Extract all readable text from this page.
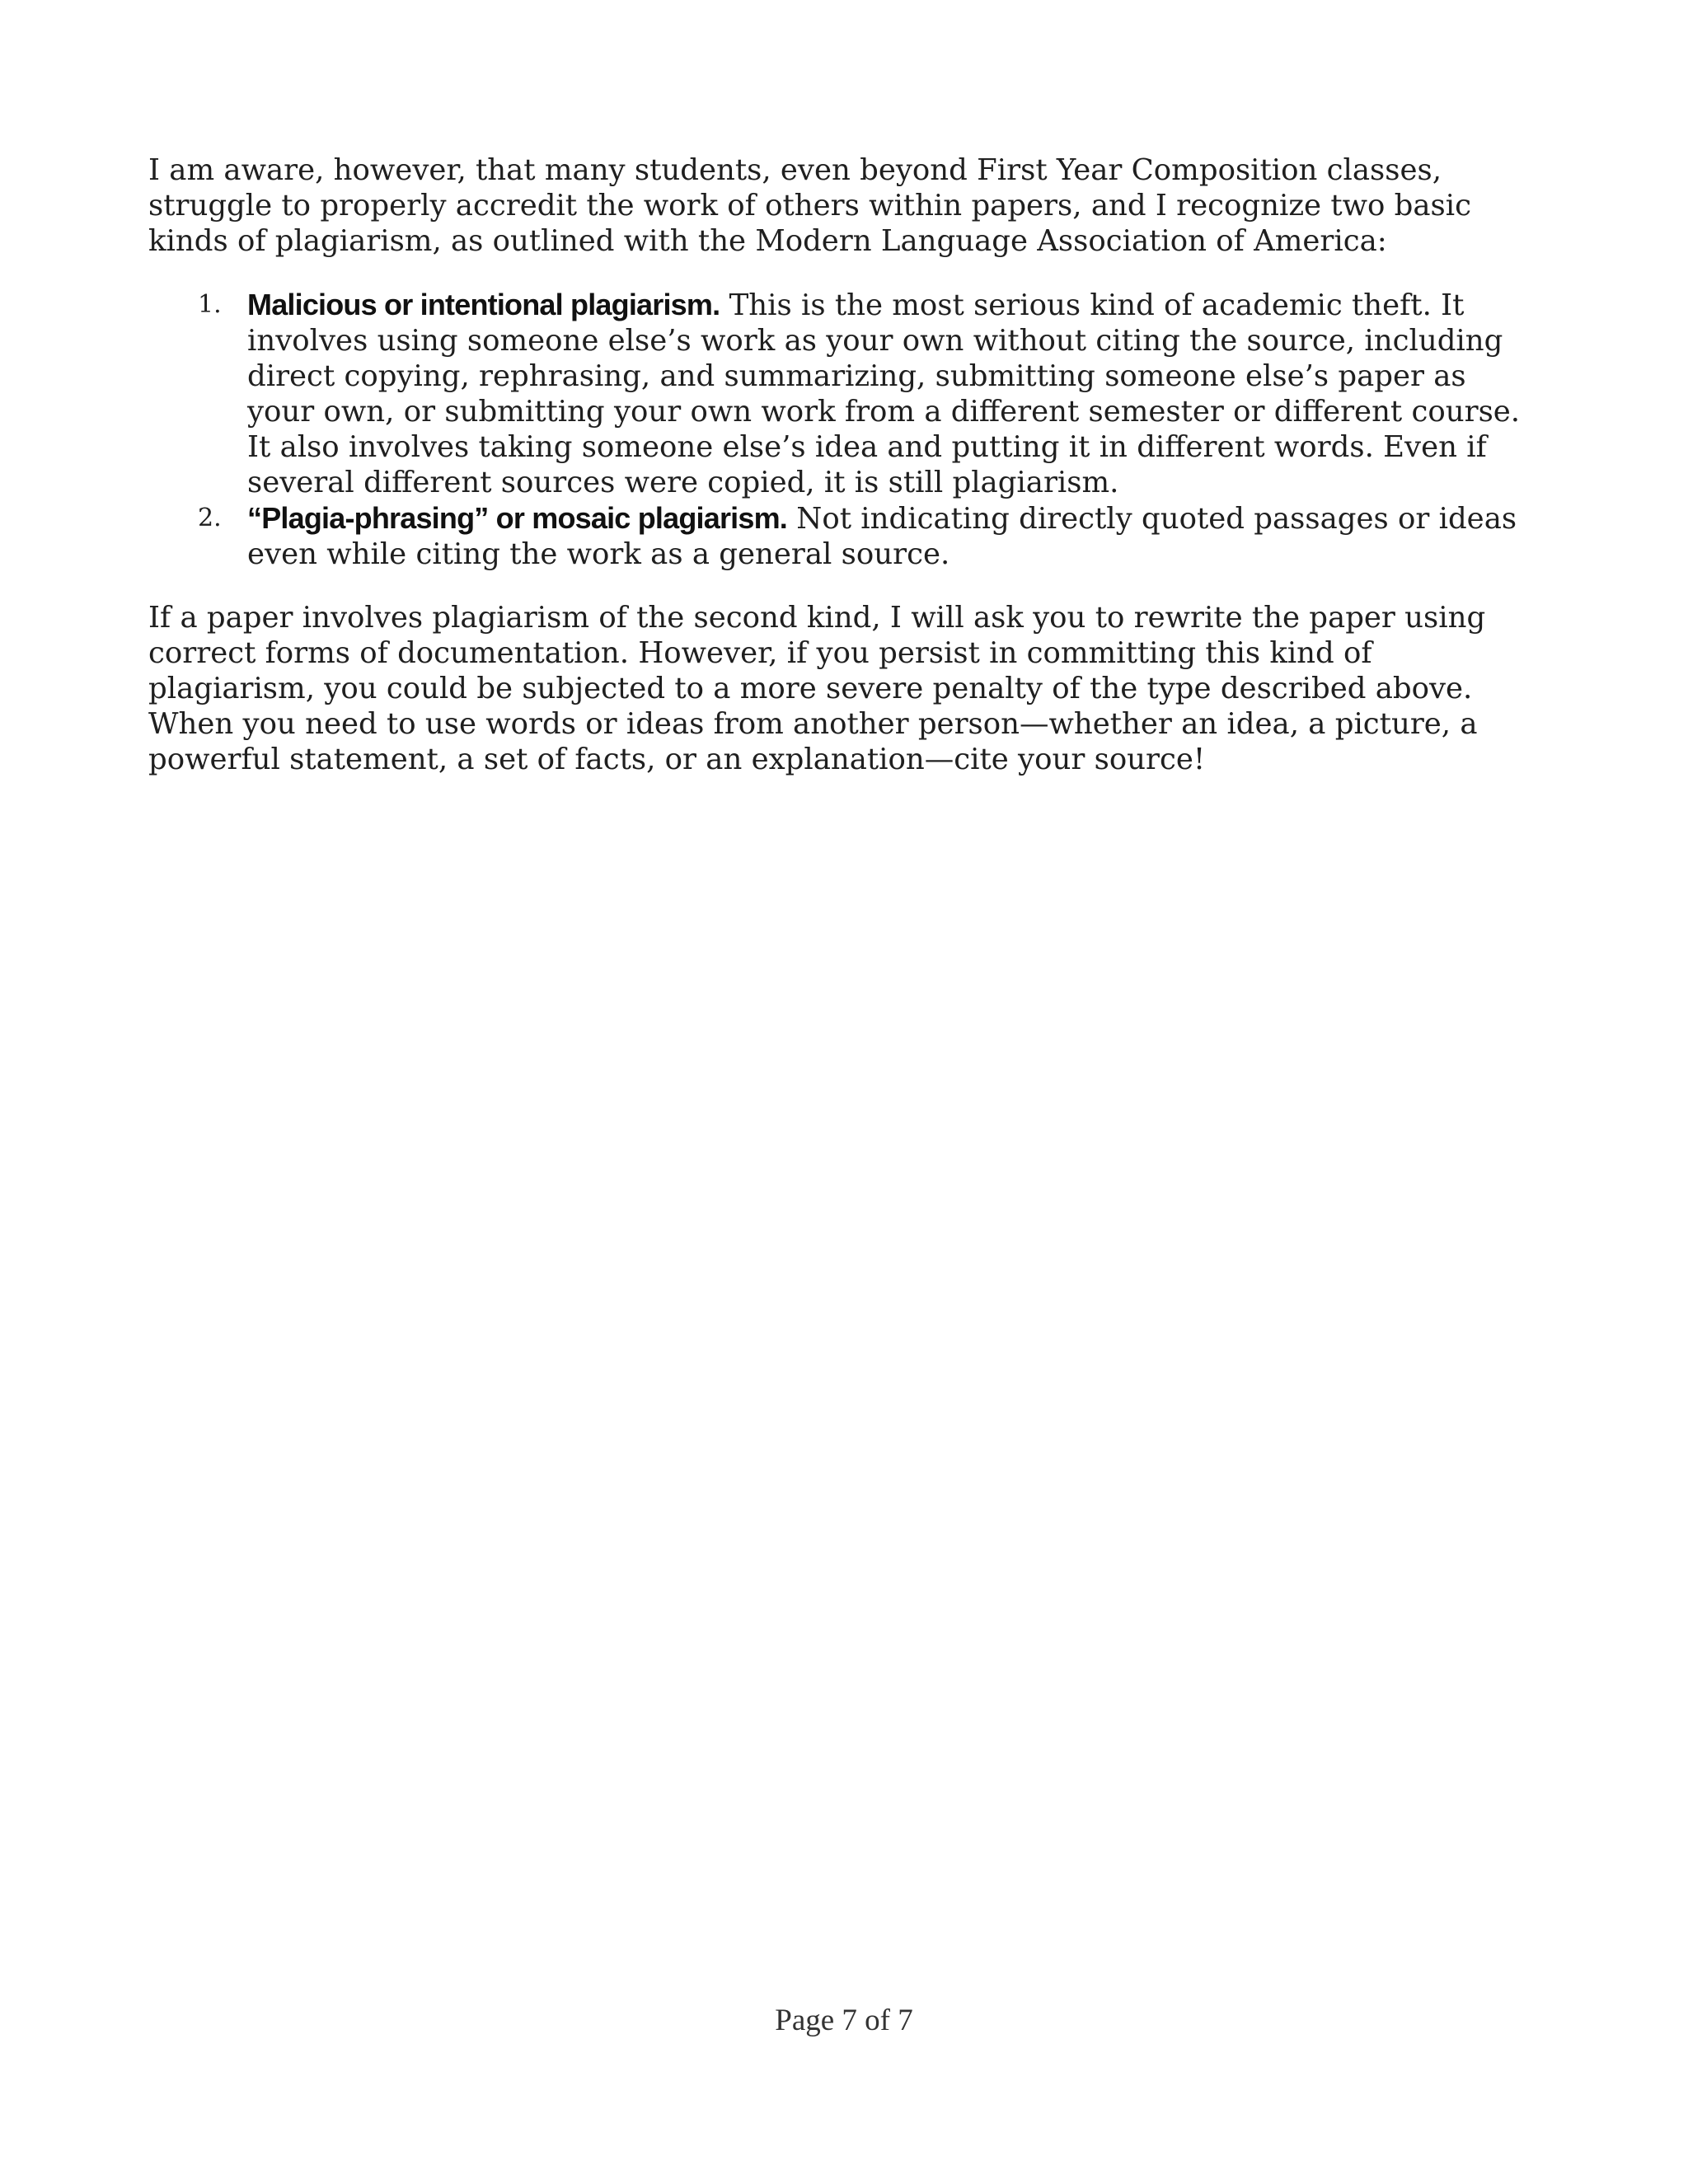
I am aware, however, that many students, even beyond First Year Composition classes, struggle to properly accredit the work of others within papers, and I recognize two basic kinds of plagiarism, as outlined with the Modern Language Association of America:

1. Malicious or intentional plagiarism. This is the most serious kind of academic theft. It involves using someone else’s work as your own without citing the source, including direct copying, rephrasing, and summarizing, submitting someone else’s paper as your own, or submitting your own work from a different semester or different course. It also involves taking someone else’s idea and putting it in different words. Even if several different sources were copied, it is still plagiarism.
2. “Plagia-phrasing” or mosaic plagiarism. Not indicating directly quoted passages or ideas even while citing the work as a general source.

If a paper involves plagiarism of the second kind, I will ask you to rewrite the paper using correct forms of documentation. However, if you persist in committing this kind of plagiarism, you could be subjected to a more severe penalty of the type described above. When you need to use words or ideas from another person—whether an idea, a picture, a powerful statement, a set of facts, or an explanation—cite your source!

Page 7 of 7
